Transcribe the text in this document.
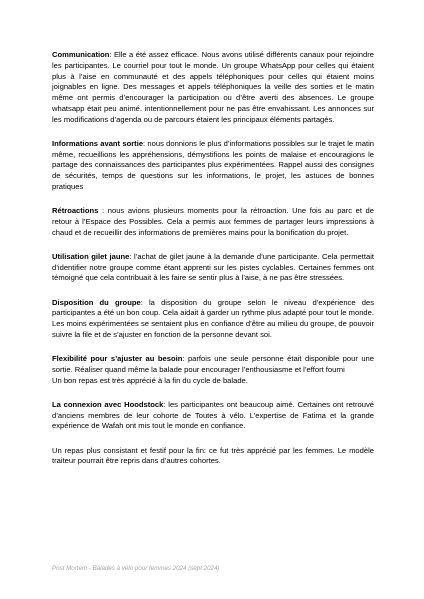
Communication: Elle a été assez efficace. Nous avons utilisé différents canaux pour rejoindre les participantes. Le courriel pour tout le monde. Un groupe WhatsApp pour celles qui étaient plus à l’aise en communauté et des appels téléphoniques pour celles qui étaient moins joignables en ligne. Des messages et appels téléphoniques la veille des sorties et le matin même ont permis d’encourager la participation ou d’être averti des absences. Le groupe whatsapp était peu animé. intentionnellement pour ne pas être envahissant. Les annonces sur les modifications d’agenda ou de parcours étaient les principaux éléments partagés.

Informations avant sortie: nous donnions le plus d’informations possibles sur le trajet le matin même, recueillions les appréhensions, démystifions les points de malaise et encouragions le partage des connaissances des participantes plus expérimentées. Rappel aussi des consignes de sécurités, temps de questions sur les informations, le projet, les astuces de bonnes pratiques

Rétroactions : nous avions plusieurs moments pour la rétroaction. Une fois au parc et de retour à l’Espace des Possibles. Cela a permis aux femmes de partager leurs impressions à chaud et de recueillir des informations de premières mains pour la bonification du projet.

Utilisation gilet jaune: l’achat de gilet jaune à la demande d’une participante. Cela permettait d’identifier notre groupe comme étant apprenti sur les pistes cyclables. Certaines femmes ont témoigné que cela contribuait à les faire se sentir plus à l’aise, à ne pas être stressées.

Disposition du groupe: la disposition du groupe selon le niveau d’expérience des participantes a été un bon coup. Cela aidait à garder un rythme plus adapté pour tout le monde. Les moins expérimentées se sentaient plus en confiance d’être au milieu du groupe, de pouvoir suivre la file et de s’ajuster en fonction de la personne devant soi.

Flexibilité pour s’ajuster au besoin: parfois une seule personne était disponible pour une sortie. Réaliser quand même la balade pour encourager l’enthousiasme et l’effort fourni
Un bon repas est très apprécié à la fin du cycle de balade.

La connexion avec Hoodstock: les participantes ont beaucoup aimé. Certaines ont retrouvé d’anciens membres de leur cohorte de Toutes à vélo. L’expertise de Fatima et la grande expérience de Wafah ont mis tout le monde en confiance.

Un repas plus consistant et festif pour la fin: ce fut très apprécié par les femmes. Le modèle traiteur pourrait être repris dans d’autres cohortes.

Post Mortem - Balades à vélo pour femmes 2024 (sept 2024)
